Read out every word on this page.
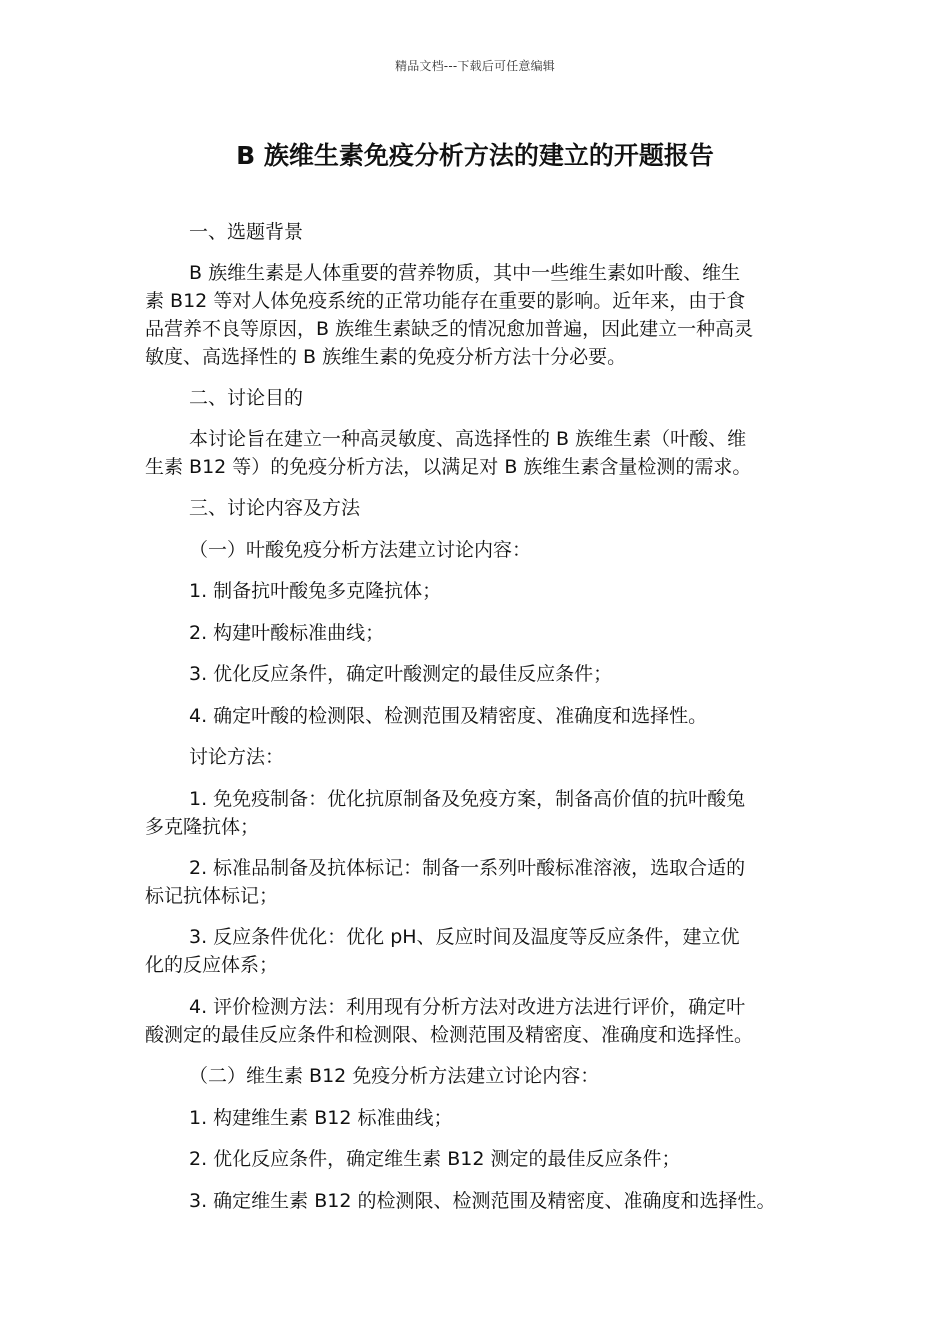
精品文档---下载后可任意编辑
B 族维生素免疫分析方法的建立的开题报告

一、选题背景

B 族维生素是人体重要的营养物质，其中一些维生素如叶酸、维生
素 B12 等对人体免疫系统的正常功能存在重要的影响。近年来，由于食
品营养不良等原因，B 族维生素缺乏的情况愈加普遍，因此建立一种高灵
敏度、高选择性的 B 族维生素的免疫分析方法十分必要。

二、讨论目的

本讨论旨在建立一种高灵敏度、高选择性的 B 族维生素（叶酸、维
生素 B12 等）的免疫分析方法，以满足对 B 族维生素含量检测的需求。

三、讨论内容及方法

（一）叶酸免疫分析方法建立讨论内容：

1. 制备抗叶酸兔多克隆抗体；

2. 构建叶酸标准曲线；

3. 优化反应条件，确定叶酸测定的最佳反应条件；

4. 确定叶酸的检测限、检测范围及精密度、准确度和选择性。

讨论方法：

1. 免免疫制备：优化抗原制备及免疫方案，制备高价值的抗叶酸兔
多克隆抗体；
2. 标准品制备及抗体标记：制备一系列叶酸标准溶液，选取合适的
标记抗体标记；
3. 反应条件优化：优化 pH、反应时间及温度等反应条件，建立优
化的反应体系；
4. 评价检测方法：利用现有分析方法对改进方法进行评价，确定叶
酸测定的最佳反应条件和检测限、检测范围及精密度、准确度和选择性。

（二）维生素 B12 免疫分析方法建立讨论内容：

1. 构建维生素 B12 标准曲线；

2. 优化反应条件，确定维生素 B12 测定的最佳反应条件；

3. 确定维生素 B12 的检测限、检测范围及精密度、准确度和选择性。
